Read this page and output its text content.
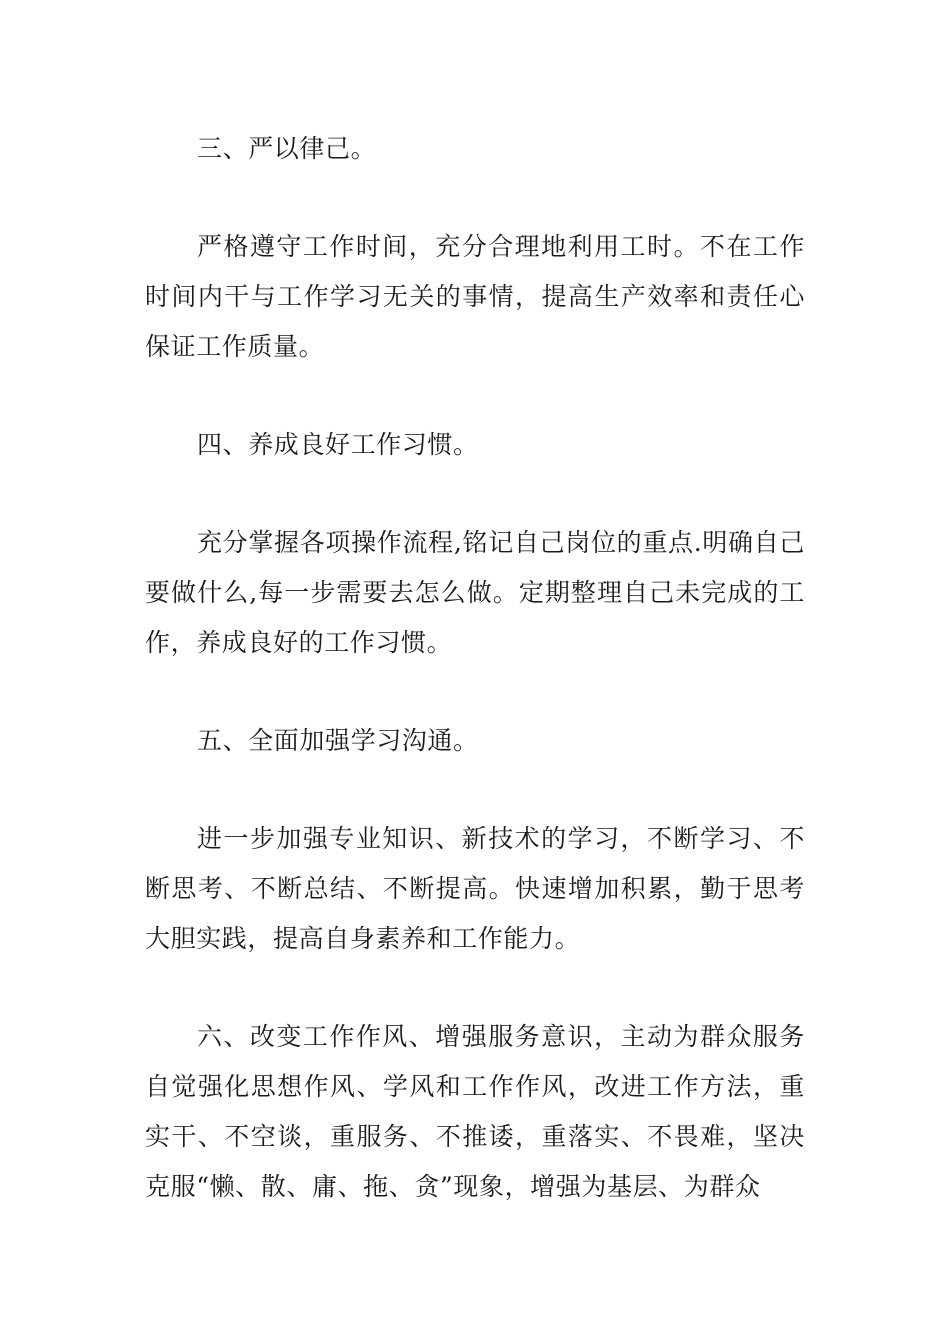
三、严以律己。

严格遵守工作时间，充分合理地利用工时。不在工作时间内干与工作学习无关的事情，提高生产效率和责任心保证工作质量。

四、养成良好工作习惯。

充分掌握各项操作流程,铭记自己岗位的重点.明确自己要做什么,每一步需要去怎么做。定期整理自己未完成的工作，养成良好的工作习惯。

五、全面加强学习沟通。

进一步加强专业知识、新技术的学习，不断学习、不断思考、不断总结、不断提高。快速增加积累，勤于思考大胆实践，提高自身素养和工作能力。

六、改变工作作风、增强服务意识，主动为群众服务自觉强化思想作风、学风和工作作风，改进工作方法，重实干、不空谈，重服务、不推诿，重落实、不畏难，坚决克服“懒、散、庸、拖、贪”现象，增强为基层、为群众
